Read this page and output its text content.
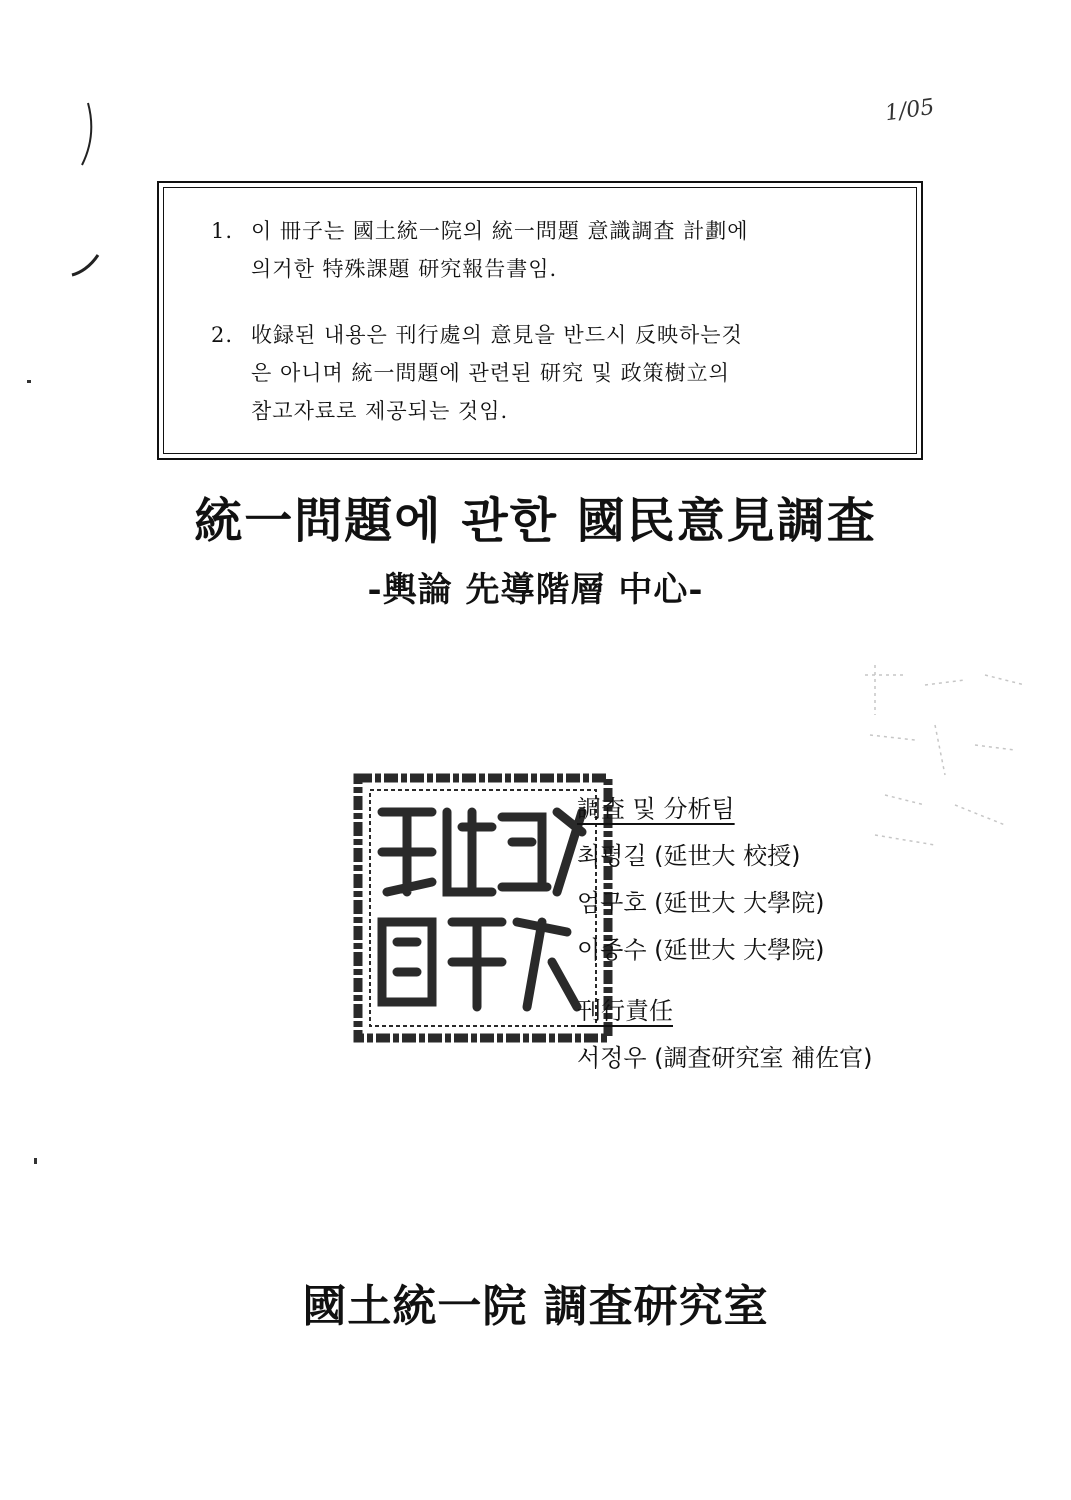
1/05
1. 이 冊子는 國土統一院의 統一問題 意識調査 計劃에
의거한 特殊課題 研究報告書임.
2. 收録된 내용은 刊行處의 意見을 반드시 反映하는것
은 아니며 統一問題에 관련된 研究 및 政策樹立의
참고자료로 제공되는 것임.
統一問題에 관한 國民意見調査
-輿論 先導階層 中心-
調査 및 分析팀
최평길 (延世大 校授)
엄구호 (延世大 大學院)
이종수 (延世大 大學院)
刊行責任
서정우 (調査研究室 補佐官)
國土統一院 調査研究室
